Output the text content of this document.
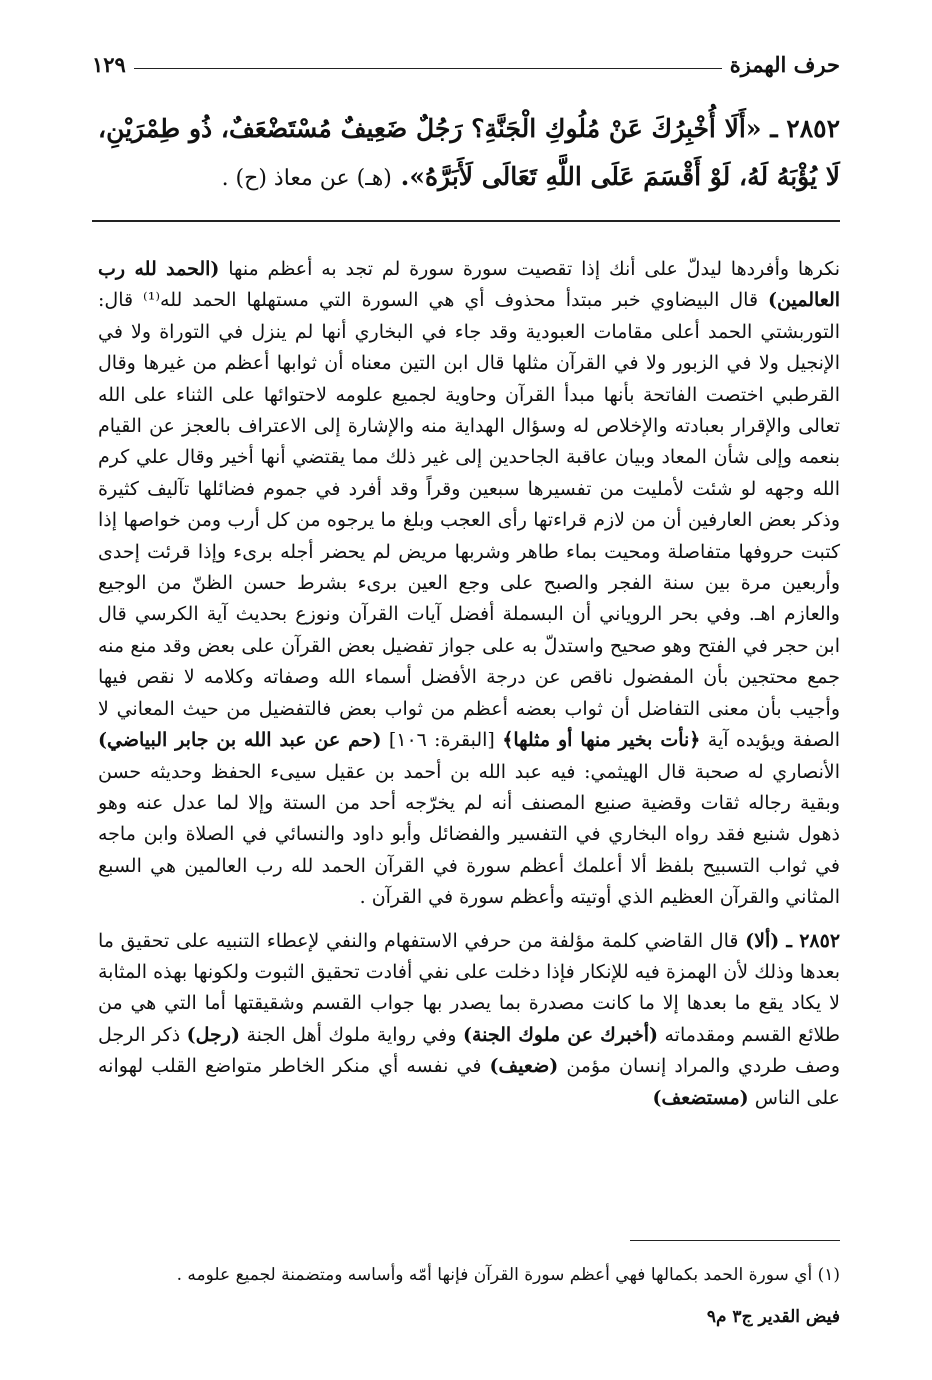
حرف الهمزة
١٢٩
٢٨٥٢ ـ «أَلَا أُخْبِرُكَ عَنْ مُلُوكِ الْجَنَّةِ؟ رَجُلٌ ضَعِيفٌ مُسْتَضْعَفٌ، ذُو طِمْرَيْنِ، لَا يُؤْبَهُ لَهُ، لَوْ أَقْسَمَ عَلَى اللَّهِ تَعَالَى لَأَبَرَّهُ». (هـ) عن معاذ (ح) .

نكرها وأفردها ليدلّ على أنك إذا تقصيت سورة سورة لم تجد به أعظم منها (الحمد لله رب العالمين) قال البيضاوي خبر مبتدأ محذوف أي هي السورة التي مستهلها الحمد لله⁽¹⁾ قال: التوربشتي الحمد أعلى مقامات العبودية وقد جاء في البخاري أنها لم ينزل في التوراة ولا في الإنجيل ولا في الزبور ولا في القرآن مثلها قال ابن التين معناه أن ثوابها أعظم من غيرها وقال القرطبي اختصت الفاتحة بأنها مبدأ القرآن وحاوية لجميع علومه لاحتوائها على الثناء على الله تعالى والإقرار بعبادته والإخلاص له وسؤال الهداية منه والإشارة إلى الاعتراف بالعجز عن القيام بنعمه وإلى شأن المعاد وبيان عاقبة الجاحدين إلى غير ذلك مما يقتضي أنها أخير وقال علي كرم الله وجهه لو شئت لأمليت من تفسيرها سبعين وقراً وقد أفرد في جموم فضائلها تآليف كثيرة وذكر بعض العارفين أن من لازم قراءتها رأى العجب وبلغ ما يرجوه من كل أرب ومن خواصها إذا كتبت حروفها متفاصلة ومحيت بماء طاهر وشربها مريض لم يحضر أجله برىء وإذا قرئت إحدى وأربعين مرة بين سنة الفجر والصبح على وجع العين برىء بشرط حسن الظنّ من الوجيع والعازم اهـ. وفي بحر الروياني أن البسملة أفضل آيات القرآن ونوزع بحديث آية الكرسي قال ابن حجر في الفتح وهو صحيح واستدلّ به على جواز تفضيل بعض القرآن على بعض وقد منع منه جمع محتجين بأن المفضول ناقص عن درجة الأفضل أسماء الله وصفاته وكلامه لا نقص فيها وأجيب بأن معنى التفاضل أن ثواب بعضه أعظم من ثواب بعض فالتفضيل من حيث المعاني لا الصفة ويؤيده آية ﴿نأت بخير منها أو مثلها﴾ [البقرة: ١٠٦] (حم عن عبد الله بن جابر البياضي) الأنصاري له صحبة قال الهيثمي: فيه عبد الله بن أحمد بن عقيل سيىء الحفظ وحديثه حسن وبقية رجاله ثقات وقضية صنيع المصنف أنه لم يخرّجه أحد من الستة وإلا لما عدل عنه وهو ذهول شنيع فقد رواه البخاري في التفسير والفضائل وأبو داود والنسائي في الصلاة وابن ماجه في ثواب التسبيح بلفظ ألا أعلمك أعظم سورة في القرآن الحمد لله رب العالمين هي السبع المثاني والقرآن العظيم الذي أوتيته وأعظم سورة في القرآن .

٢٨٥٢ ـ (ألا) قال القاضي كلمة مؤلفة من حرفي الاستفهام والنفي لإعطاء التنبيه على تحقيق ما بعدها وذلك لأن الهمزة فيه للإنكار فإذا دخلت على نفي أفادت تحقيق الثبوت ولكونها بهذه المثابة لا يكاد يقع ما بعدها إلا ما كانت مصدرة بما يصدر بها جواب القسم وشقيقتها أما التي هي من طلائع القسم ومقدماته (أخبرك عن ملوك الجنة) وفي رواية ملوك أهل الجنة (رجل) ذكر الرجل وصف طردي والمراد إنسان مؤمن (ضعيف) في نفسه أي منكر الخاطر متواضع القلب لهوانه على الناس (مستضعف)

(١) أي سورة الحمد بكمالها فهي أعظم سورة القرآن فإنها أمّه وأساسه ومتضمنة لجميع علومه .
فيض القدير ج٣ م٩
